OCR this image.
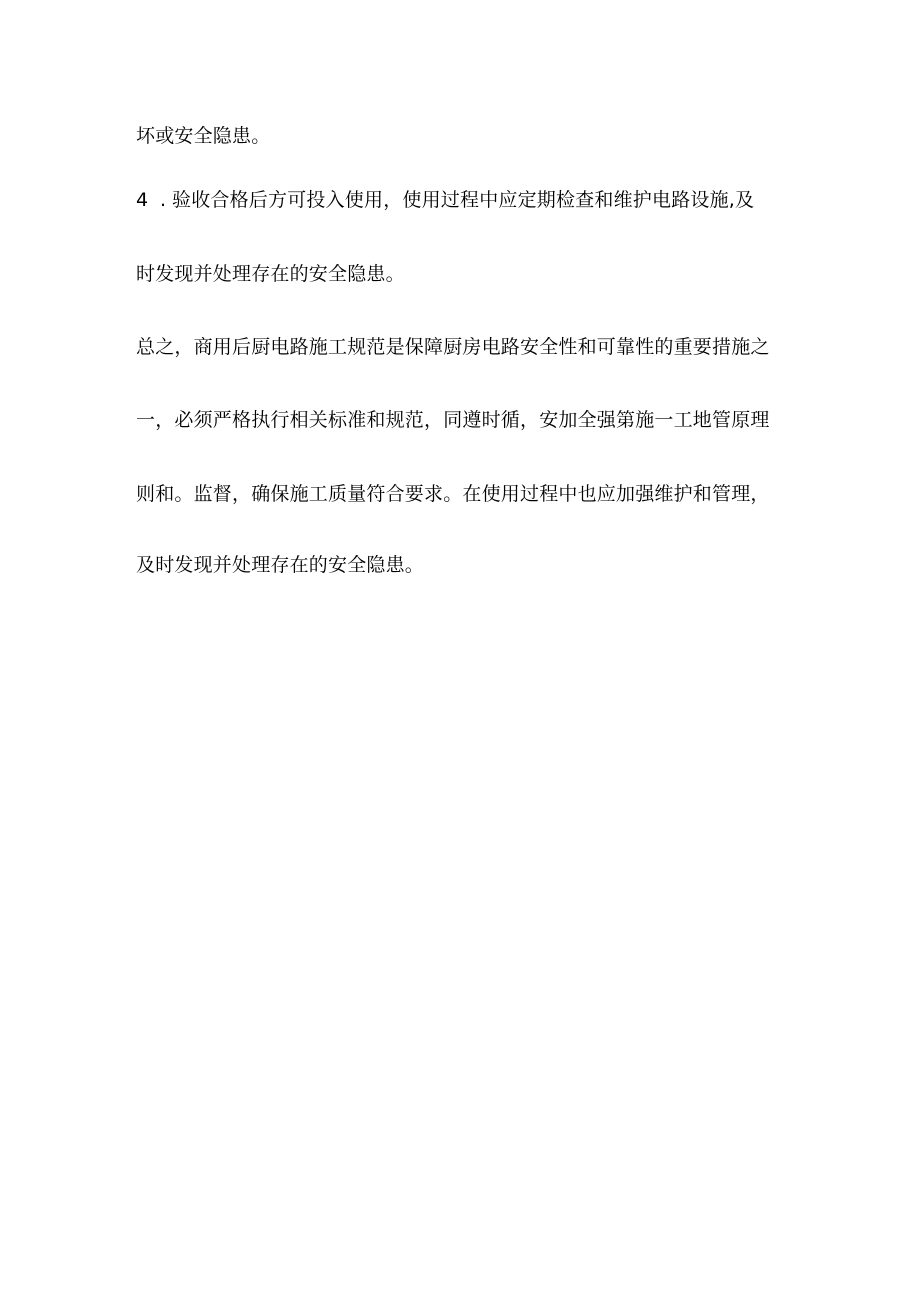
坏或安全隐患。
4 . 验收合格后方可投入使用，使用过程中应定期检查和维护电路设施,及
时发现并处理存在的安全隐患。
总之，商用后厨电路施工规范是保障厨房电路安全性和可靠性的重要措施之
一，必须严格执行相关标准和规范，同遵时循，安加全强第施一工地管原理
则和。监督，确保施工质量符合要求。在使用过程中也应加强维护和管理，
及时发现并处理存在的安全隐患。
